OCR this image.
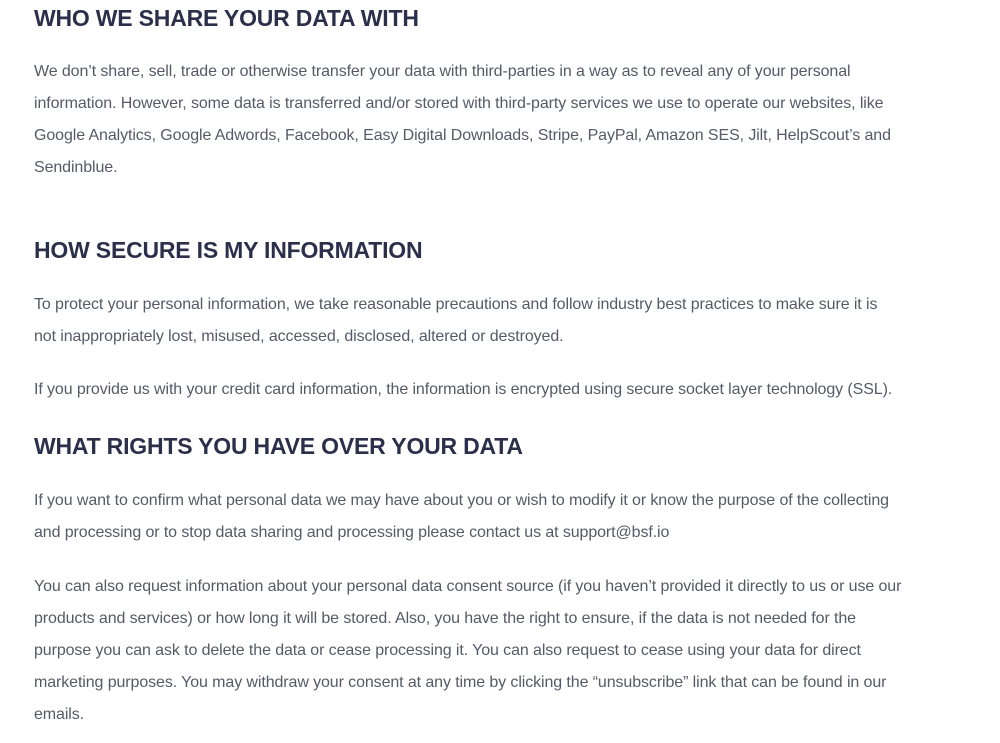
WHO WE SHARE YOUR DATA WITH

We don’t share, sell, trade or otherwise transfer your data with third-parties in a way as to reveal any of your personal
information. However, some data is transferred and/or stored with third-party services we use to operate our websites, like
Google Analytics, Google Adwords, Facebook, Easy Digital Downloads, Stripe, PayPal, Amazon SES, Jilt, HelpScout’s and
Sendinblue.

HOW SECURE IS MY INFORMATION

To protect your personal information, we take reasonable precautions and follow industry best practices to make sure it is
not inappropriately lost, misused, accessed, disclosed, altered or destroyed.

If you provide us with your credit card information, the information is encrypted using secure socket layer technology (SSL).

WHAT RIGHTS YOU HAVE OVER YOUR DATA

If you want to confirm what personal data we may have about you or wish to modify it or know the purpose of the collecting
and processing or to stop data sharing and processing please contact us at support@bsf.io

You can also request information about your personal data consent source (if you haven’t provided it directly to us or use our
products and services) or how long it will be stored. Also, you have the right to ensure, if the data is not needed for the
purpose you can ask to delete the data or cease processing it. You can also request to cease using your data for direct
marketing purposes. You may withdraw your consent at any time by clicking the “unsubscribe” link that can be found in our
emails.
